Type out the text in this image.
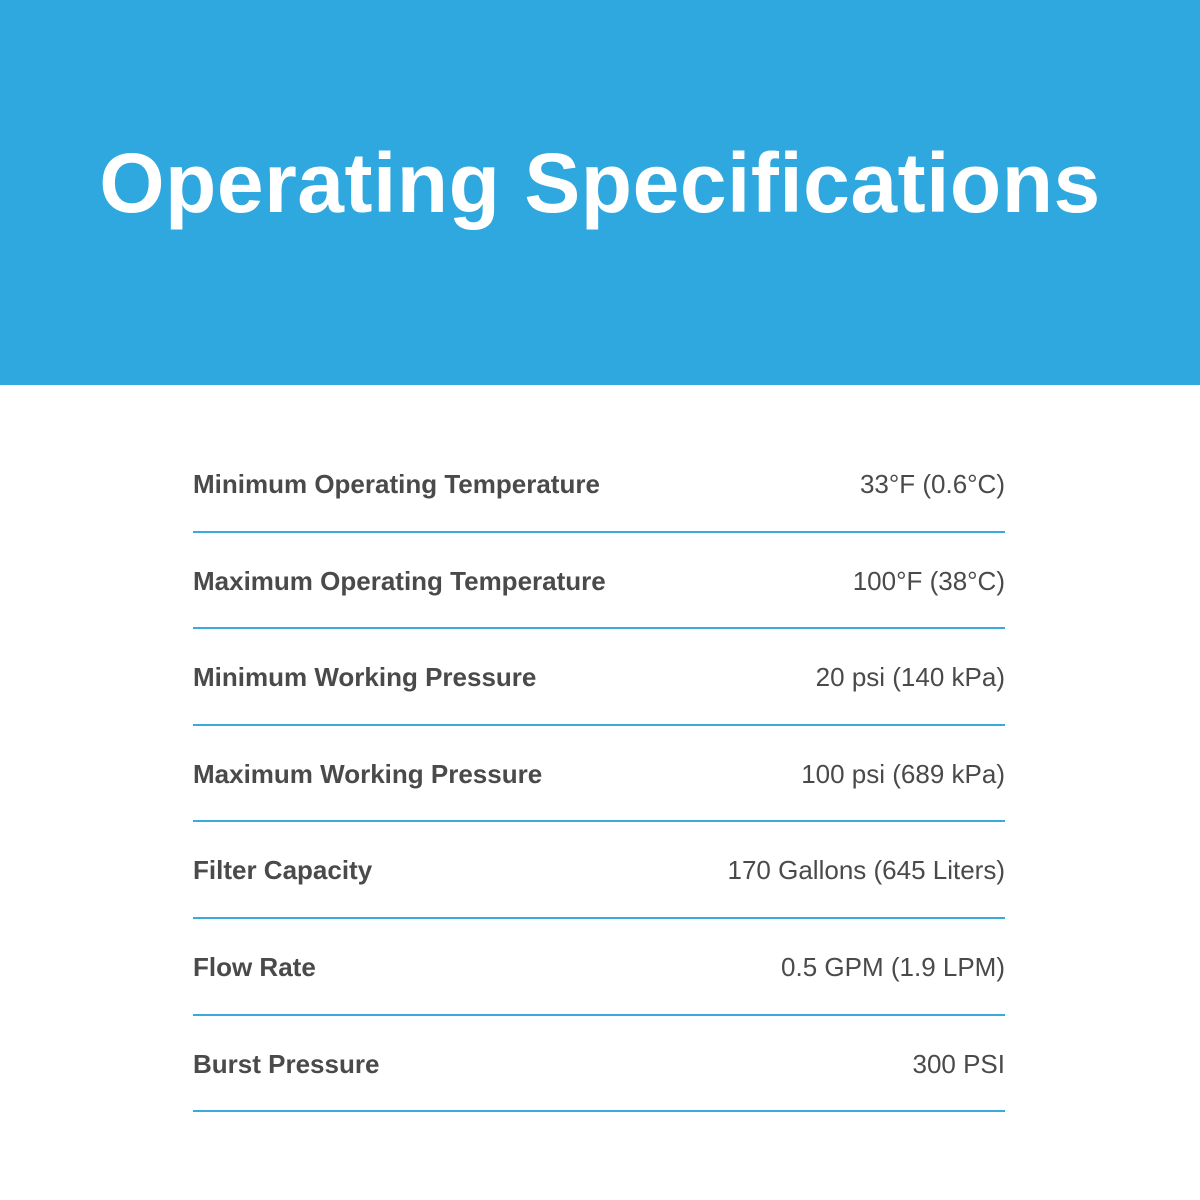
Operating Specifications
Minimum Operating Temperature	33°F (0.6°C)
Maximum Operating Temperature	100°F (38°C)
Minimum Working Pressure	20 psi (140 kPa)
Maximum Working Pressure	100 psi (689 kPa)
Filter Capacity	170 Gallons (645 Liters)
Flow Rate	0.5 GPM (1.9 LPM)
Burst Pressure	300 PSI
